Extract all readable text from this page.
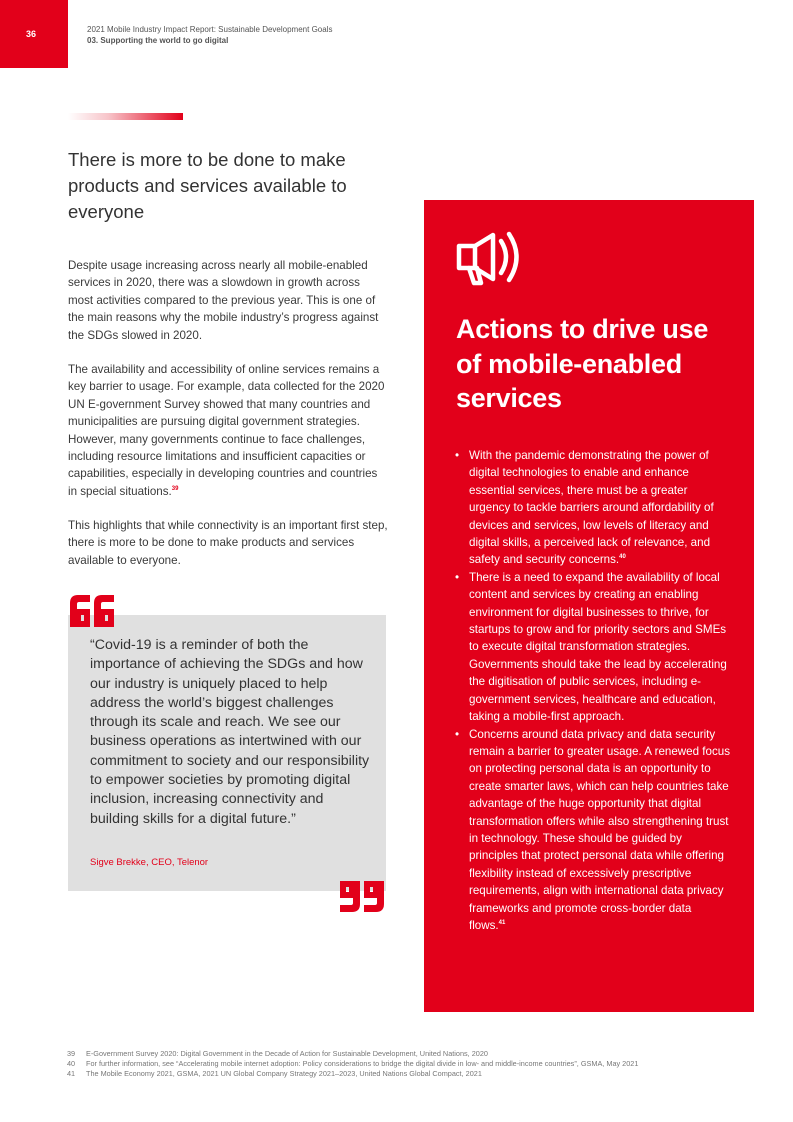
36	2021 Mobile Industry Impact Report: Sustainable Development Goals
03. Supporting the world to go digital
There is more to be done to make products and services available to everyone

Despite usage increasing across nearly all mobile-enabled services in 2020, there was a slowdown in growth across most activities compared to the previous year. This is one of the main reasons why the mobile industry’s progress against the SDGs slowed in 2020.

The availability and accessibility of online services remains a key barrier to usage. For example, data collected for the 2020 UN E-government Survey showed that many countries and municipalities are pursuing digital government strategies. However, many governments continue to face challenges, including resource limitations and insufficient capacities or capabilities, especially in developing countries and countries in special situations.$^{39}$

This highlights that while connectivity is an important first step, there is more to be done to make products and services available to everyone.

“Covid-19 is a reminder of both the importance of achieving the SDGs and how our industry is uniquely placed to help address the world’s biggest challenges through its scale and reach. We see our business operations as intertwined with our commitment to society and our responsibility to empower societies by promoting digital inclusion, increasing connectivity and building skills for a digital future.”

Sigve Brekke, CEO, Telenor
Actions to drive use of mobile-enabled services
• With the pandemic demonstrating the power of digital technologies to enable and enhance essential services, there must be a greater urgency to tackle barriers around affordability of devices and services, low levels of literacy and digital skills, a perceived lack of relevance, and safety and security concerns.$^{40}$
• There is a need to expand the availability of local content and services by creating an enabling environment for digital businesses to thrive, for startups to grow and for priority sectors and SMEs to execute digital transformation strategies. Governments should take the lead by accelerating the digitisation of public services, including e-government services, healthcare and education, taking a mobile-first approach.
• Concerns around data privacy and data security remain a barrier to greater usage. A renewed focus on protecting personal data is an opportunity to create smarter laws, which can help countries take advantage of the huge opportunity that digital transformation offers while also strengthening trust in technology. These should be guided by principles that protect personal data while offering flexibility instead of excessively prescriptive requirements, align with international data privacy frameworks and promote cross-border data flows.$^{41}$
39 E-Government Survey 2020: Digital Government in the Decade of Action for Sustainable Development, United Nations, 2020
40 For further information, see “Accelerating mobile internet adoption: Policy considerations to bridge the digital divide in low- and middle-income countries”, GSMA, May 2021
41 The Mobile Economy 2021, GSMA, 2021 UN Global Company Strategy 2021–2023, United Nations Global Compact, 2021
